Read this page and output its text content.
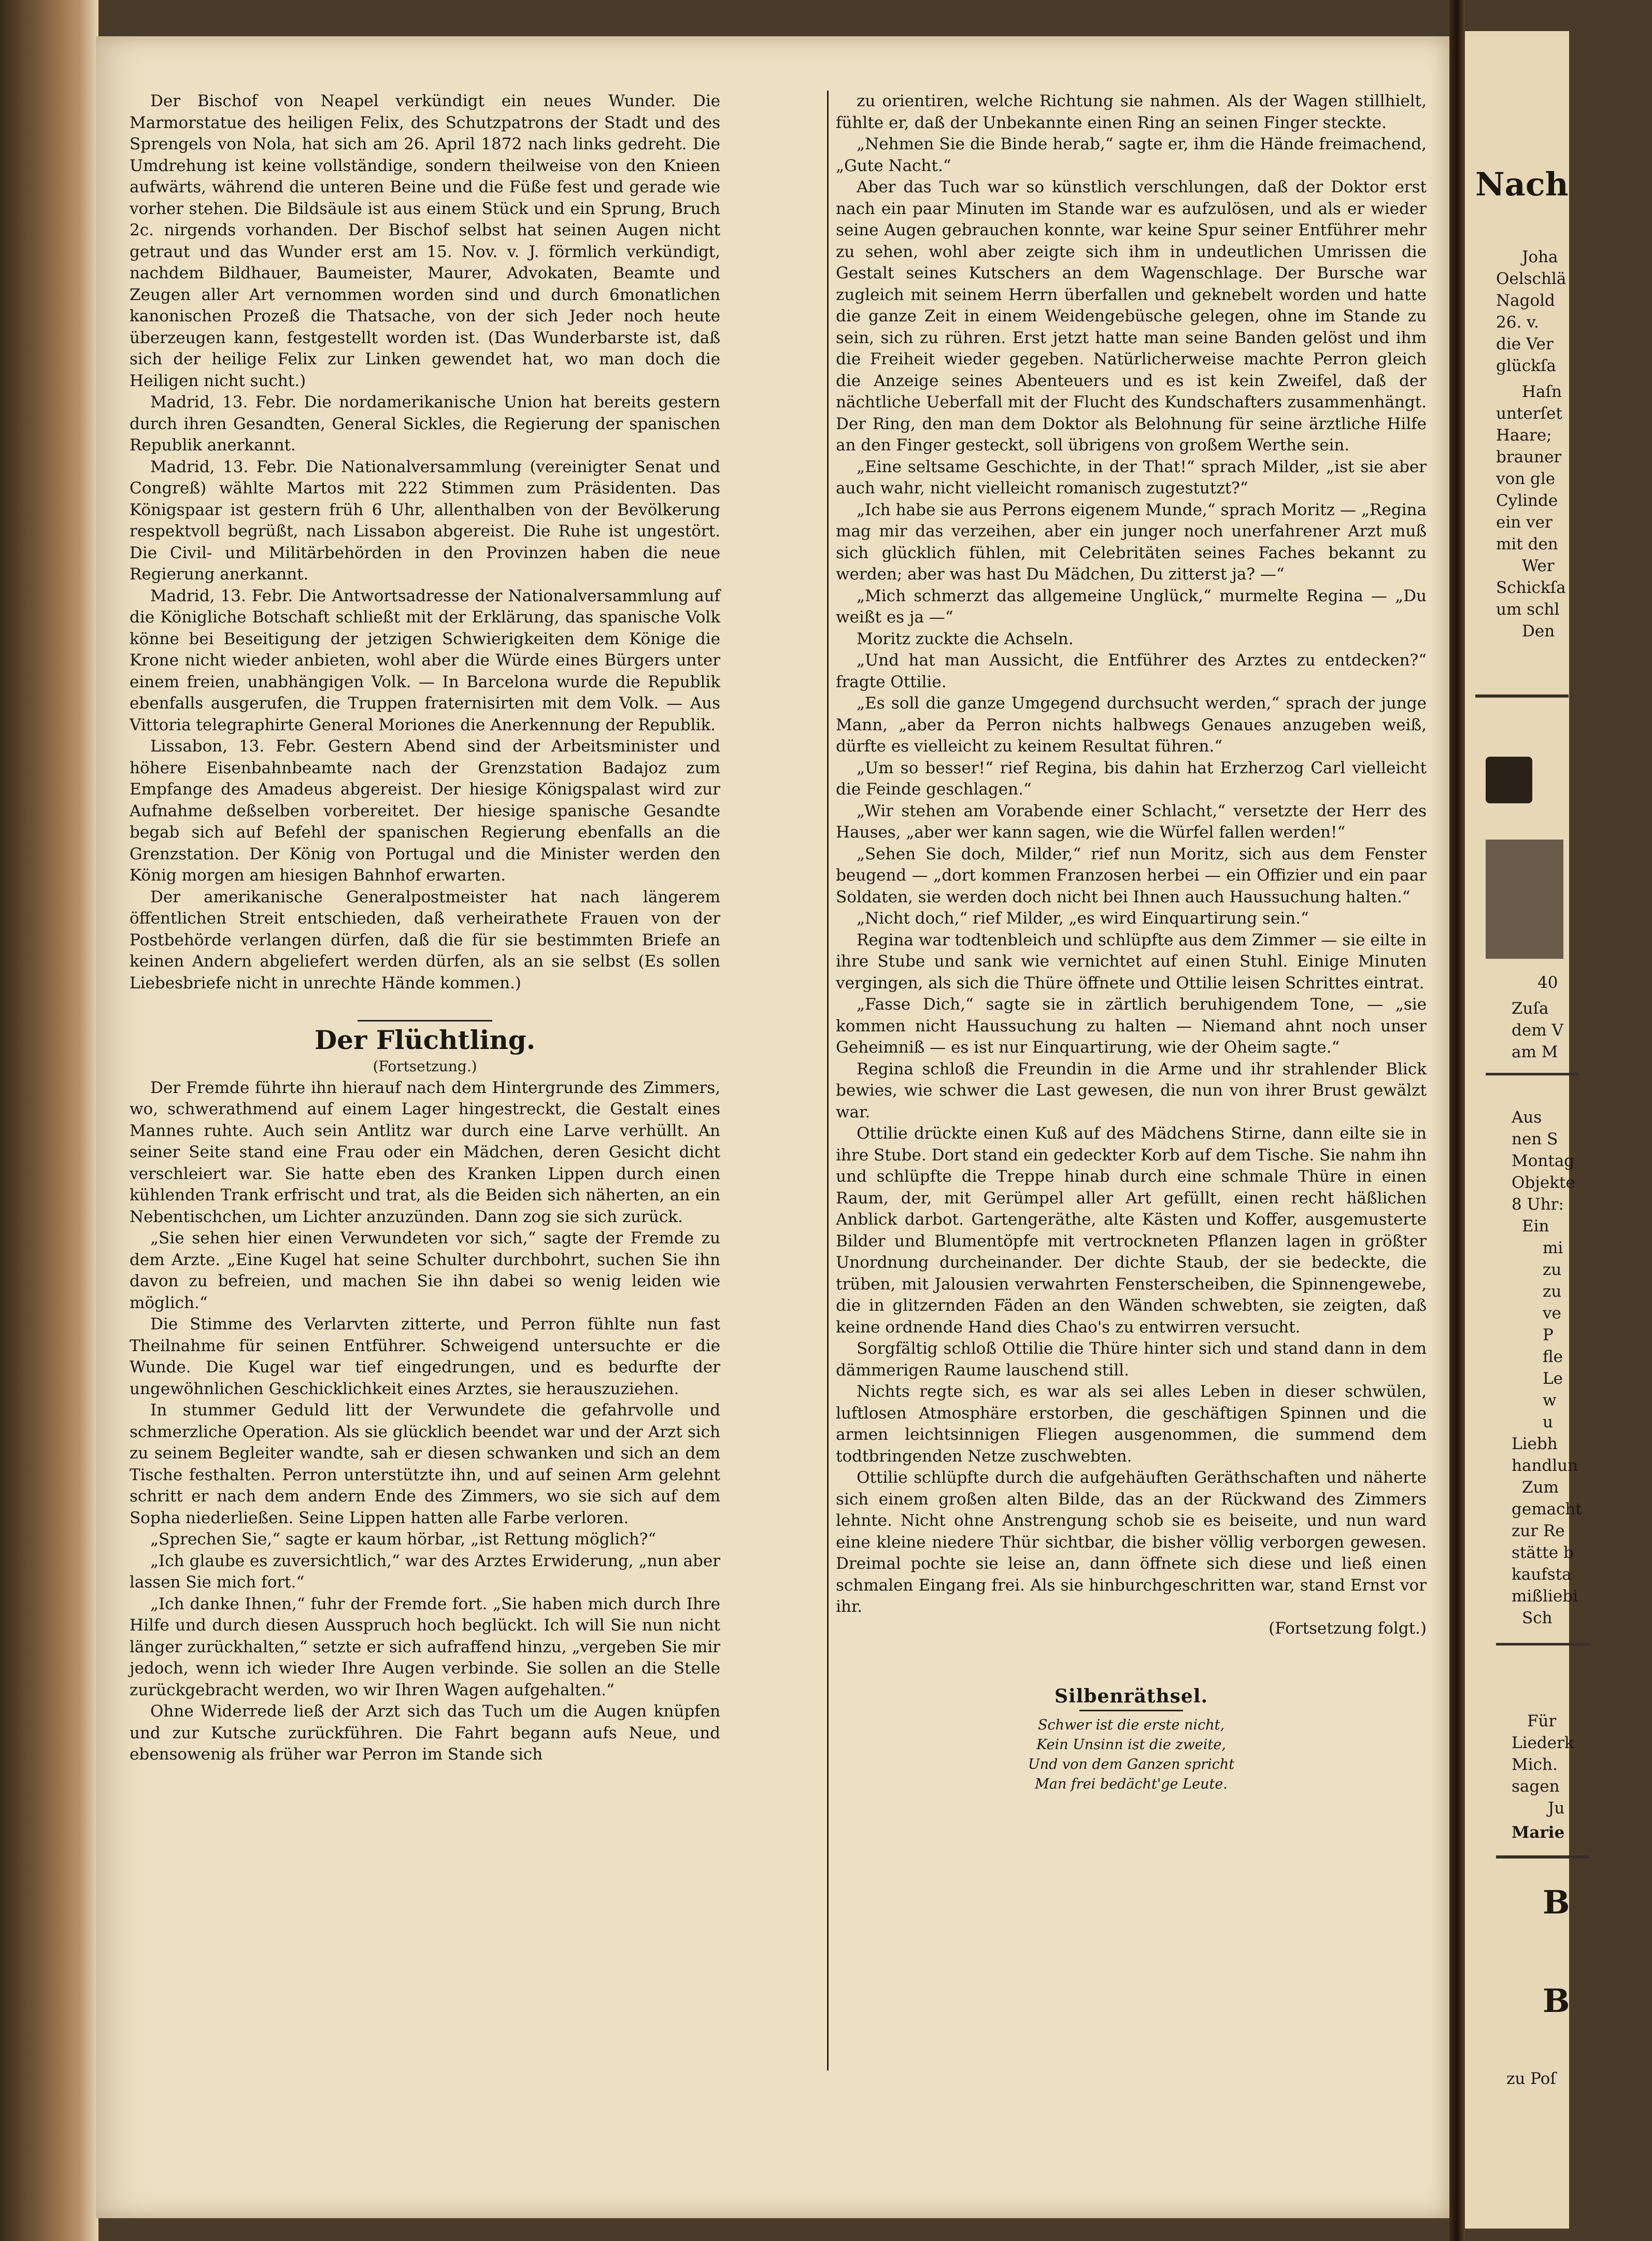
Der Bischof von Neapel verkündigt ein neues Wunder. Die Marmorstatue des heiligen Felix, des Schutzpatrons der Stadt und des Sprengels von Nola, hat sich am 26. April 1872 nach links gedreht. Die Umdrehung ist keine vollständige, sondern theilweise von den Knieen aufwärts, während die unteren Beine und die Füße fest und gerade wie vorher stehen. Die Bildsäule ist aus einem Stück und ein Sprung, Bruch 2c. nirgends vorhanden. Der Bischof selbst hat seinen Augen nicht getraut und das Wunder erst am 15. Nov. v. J. förmlich verkündigt, nachdem Bildhauer, Baumeister, Maurer, Advokaten, Beamte und Zeugen aller Art vernommen worden sind und durch 6monatlichen kanonischen Prozeß die Thatsache, von der sich Jeder noch heute überzeugen kann, festgestellt worden ist. (Das Wunderbarste ist, daß sich der heilige Felix zur Linken gewendet hat, wo man doch die Heiligen nicht sucht.)

Madrid, 13. Febr. Die nordamerikanische Union hat bereits gestern durch ihren Gesandten, General Sickles, die Regierung der spanischen Republik anerkannt.

Madrid, 13. Febr. Die Nationalversammlung (vereinigter Senat und Congreß) wählte Martos mit 222 Stimmen zum Präsidenten. Das Königspaar ist gestern früh 6 Uhr, allenthalben von der Bevölkerung respektvoll begrüßt, nach Lissabon abgereist. Die Ruhe ist ungestört. Die Civil- und Militärbehörden in den Provinzen haben die neue Regierung anerkannt.

Madrid, 13. Febr. Die Antwortsadresse der Nationalversammlung auf die Königliche Botschaft schließt mit der Erklärung, das spanische Volk könne bei Beseitigung der jetzigen Schwierigkeiten dem Könige die Krone nicht wieder anbieten, wohl aber die Würde eines Bürgers unter einem freien, unabhängigen Volk. — In Barcelona wurde die Republik ebenfalls ausgerufen, die Truppen fraternisirten mit dem Volk. — Aus Vittoria telegraphirte General Moriones die Anerkennung der Republik.

Lissabon, 13. Febr. Gestern Abend sind der Arbeitsminister und höhere Eisenbahnbeamte nach der Grenzstation Badajoz zum Empfange des Amadeus abgereist. Der hiesige Königspalast wird zur Aufnahme deßselben vorbereitet. Der hiesige spanische Gesandte begab sich auf Befehl der spanischen Regierung ebenfalls an die Grenzstation. Der König von Portugal und die Minister werden den König morgen am hiesigen Bahnhof erwarten.

Der amerikanische Generalpostmeister hat nach längerem öffentlichen Streit entschieden, daß verheirathete Frauen von der Postbehörde verlangen dürfen, daß die für sie bestimmten Briefe an keinen Andern abgeliefert werden dürfen, als an sie selbst (Es sollen Liebesbriefe nicht in unrechte Hände kommen.)

Der Flüchtling.

(Fortsetzung.)

Der Fremde führte ihn hierauf nach dem Hintergrunde des Zimmers, wo, schwerathmend auf einem Lager hingestreckt, die Gestalt eines Mannes ruhte. Auch sein Antlitz war durch eine Larve verhüllt. An seiner Seite stand eine Frau oder ein Mädchen, deren Gesicht dicht verschleiert war. Sie hatte eben des Kranken Lippen durch einen kühlenden Trank erfrischt und trat, als die Beiden sich näherten, an ein Nebentischchen, um Lichter anzuzünden. Dann zog sie sich zurück.

„Sie sehen hier einen Verwundeten vor sich,“ sagte der Fremde zu dem Arzte. „Eine Kugel hat seine Schulter durchbohrt, suchen Sie ihn davon zu befreien, und machen Sie ihn dabei so wenig leiden wie möglich.“

Die Stimme des Verlarvten zitterte, und Perron fühlte nun fast Theilnahme für seinen Entführer. Schweigend untersuchte er die Wunde. Die Kugel war tief eingedrungen, und es bedurfte der ungewöhnlichen Geschicklichkeit eines Arztes, sie herauszuziehen.

In stummer Geduld litt der Verwundete die gefahrvolle und schmerzliche Operation. Als sie glücklich beendet war und der Arzt sich zu seinem Begleiter wandte, sah er diesen schwanken und sich an dem Tische festhalten. Perron unterstützte ihn, und auf seinen Arm gelehnt schritt er nach dem andern Ende des Zimmers, wo sie sich auf dem Sopha niederließen. Seine Lippen hatten alle Farbe verloren.

„Sprechen Sie,“ sagte er kaum hörbar, „ist Rettung möglich?“

„Ich glaube es zuversichtlich,“ war des Arztes Erwiderung, „nun aber lassen Sie mich fort.“

„Ich danke Ihnen,“ fuhr der Fremde fort. „Sie haben mich durch Ihre Hilfe und durch diesen Ausspruch hoch beglückt. Ich will Sie nun nicht länger zurückhalten,“ setzte er sich aufraffend hinzu, „vergeben Sie mir jedoch, wenn ich wieder Ihre Augen verbinde. Sie sollen an die Stelle zurückgebracht werden, wo wir Ihren Wagen aufgehalten.“

Ohne Widerrede ließ der Arzt sich das Tuch um die Augen knüpfen und zur Kutsche zurückführen. Die Fahrt begann aufs Neue, und ebensowenig als früher war Perron im Stande sich

zu orientiren, welche Richtung sie nahmen. Als der Wagen stillhielt, fühlte er, daß der Unbekannte einen Ring an seinen Finger steckte.

„Nehmen Sie die Binde herab,“ sagte er, ihm die Hände freimachend, „Gute Nacht.“

Aber das Tuch war so künstlich verschlungen, daß der Doktor erst nach ein paar Minuten im Stande war es aufzulösen, und als er wieder seine Augen gebrauchen konnte, war keine Spur seiner Entführer mehr zu sehen, wohl aber zeigte sich ihm in undeutlichen Umrissen die Gestalt seines Kutschers an dem Wagenschlage. Der Bursche war zugleich mit seinem Herrn überfallen und geknebelt worden und hatte die ganze Zeit in einem Weidengebüsche gelegen, ohne im Stande zu sein, sich zu rühren. Erst jetzt hatte man seine Banden gelöst und ihm die Freiheit wieder gegeben. Natürlicherweise machte Perron gleich die Anzeige seines Abenteuers und es ist kein Zweifel, daß der nächtliche Ueberfall mit der Flucht des Kundschafters zusammenhängt. Der Ring, den man dem Doktor als Belohnung für seine ärztliche Hilfe an den Finger gesteckt, soll übrigens von großem Werthe sein.

„Eine seltsame Geschichte, in der That!“ sprach Milder, „ist sie aber auch wahr, nicht vielleicht romanisch zugestutzt?“

„Ich habe sie aus Perrons eigenem Munde,“ sprach Moritz — „Regina mag mir das verzeihen, aber ein junger noch unerfahrener Arzt muß sich glücklich fühlen, mit Celebritäten seines Faches bekannt zu werden; aber was hast Du Mädchen, Du zitterst ja? —“

„Mich schmerzt das allgemeine Unglück,“ murmelte Regina — „Du weißt es ja —“

Moritz zuckte die Achseln.

„Und hat man Aussicht, die Entführer des Arztes zu entdecken?“ fragte Ottilie.

„Es soll die ganze Umgegend durchsucht werden,“ sprach der junge Mann, „aber da Perron nichts halbwegs Genaues anzugeben weiß, dürfte es vielleicht zu keinem Resultat führen.“

„Um so besser!“ rief Regina, bis dahin hat Erzherzog Carl vielleicht die Feinde geschlagen.“

„Wir stehen am Vorabende einer Schlacht,“ versetzte der Herr des Hauses, „aber wer kann sagen, wie die Würfel fallen werden!“

„Sehen Sie doch, Milder,“ rief nun Moritz, sich aus dem Fenster beugend — „dort kommen Franzosen herbei — ein Offizier und ein paar Soldaten, sie werden doch nicht bei Ihnen auch Haussuchung halten.“

„Nicht doch,“ rief Milder, „es wird Einquartirung sein.“

Regina war todtenbleich und schlüpfte aus dem Zimmer — sie eilte in ihre Stube und sank wie vernichtet auf einen Stuhl. Einige Minuten vergingen, als sich die Thüre öffnete und Ottilie leisen Schrittes eintrat.

„Fasse Dich,“ sagte sie in zärtlich beruhigendem Tone, — „sie kommen nicht Haussuchung zu halten — Niemand ahnt noch unser Geheimniß — es ist nur Einquartirung, wie der Oheim sagte.“

Regina schloß die Freundin in die Arme und ihr strahlender Blick bewies, wie schwer die Last gewesen, die nun von ihrer Brust gewälzt war.

Ottilie drückte einen Kuß auf des Mädchens Stirne, dann eilte sie in ihre Stube. Dort stand ein gedeckter Korb auf dem Tische. Sie nahm ihn und schlüpfte die Treppe hinab durch eine schmale Thüre in einen Raum, der, mit Gerümpel aller Art gefüllt, einen recht häßlichen Anblick darbot. Gartengeräthe, alte Kästen und Koffer, ausgemusterte Bilder und Blumentöpfe mit vertrockneten Pflanzen lagen in größter Unordnung durcheinander. Der dichte Staub, der sie bedeckte, die trüben, mit Jalousien verwahrten Fensterscheiben, die Spinnengewebe, die in glitzernden Fäden an den Wänden schwebten, sie zeigten, daß keine ordnende Hand dies Chao's zu entwirren versucht.

Sorgfältig schloß Ottilie die Thüre hinter sich und stand dann in dem dämmerigen Raume lauschend still.

Nichts regte sich, es war als sei alles Leben in dieser schwülen, luftlosen Atmosphäre erstorben, die geschäftigen Spinnen und die armen leichtsinnigen Fliegen ausgenommen, die summend dem todtbringenden Netze zuschwebten.

Ottilie schlüpfte durch die aufgehäuften Geräthschaften und näherte sich einem großen alten Bilde, das an der Rückwand des Zimmers lehnte. Nicht ohne Anstrengung schob sie es beiseite, und nun ward eine kleine niedere Thür sichtbar, die bisher völlig verborgen gewesen. Dreimal pochte sie leise an, dann öffnete sich diese und ließ einen schmalen Eingang frei. Als sie hinburchgeschritten war, stand Ernst vor ihr.

(Fortsetzung folgt.)

Silbenräthsel.
Schwer ist die erste nicht,
Kein Unsinn ist die zweite,
Und von dem Ganzen spricht
Man frei bedächt'ge Leute.
Nach
Joha
Oelschlä
Nagold
26. v.
die Ver
glückſa
Haſn
unterſet
Haare;
brauner
von gle
Cylinde
ein ver
mit den
Wer
Schickſa
um schl
Den
40
Zuſa
dem V
am M
Aus
nen S
Montag
Objekte
8 Uhr:
Ein
mi
zu
zu
ve
P
fle
Le
w
u
Liebh
handlun
Zum
gemacht
zur Re
stätte b
kaufsta
mißliebi
Sch
Für
Liederk
Mich.
sagen
Ju
Marie
B
B
zu Poſ
